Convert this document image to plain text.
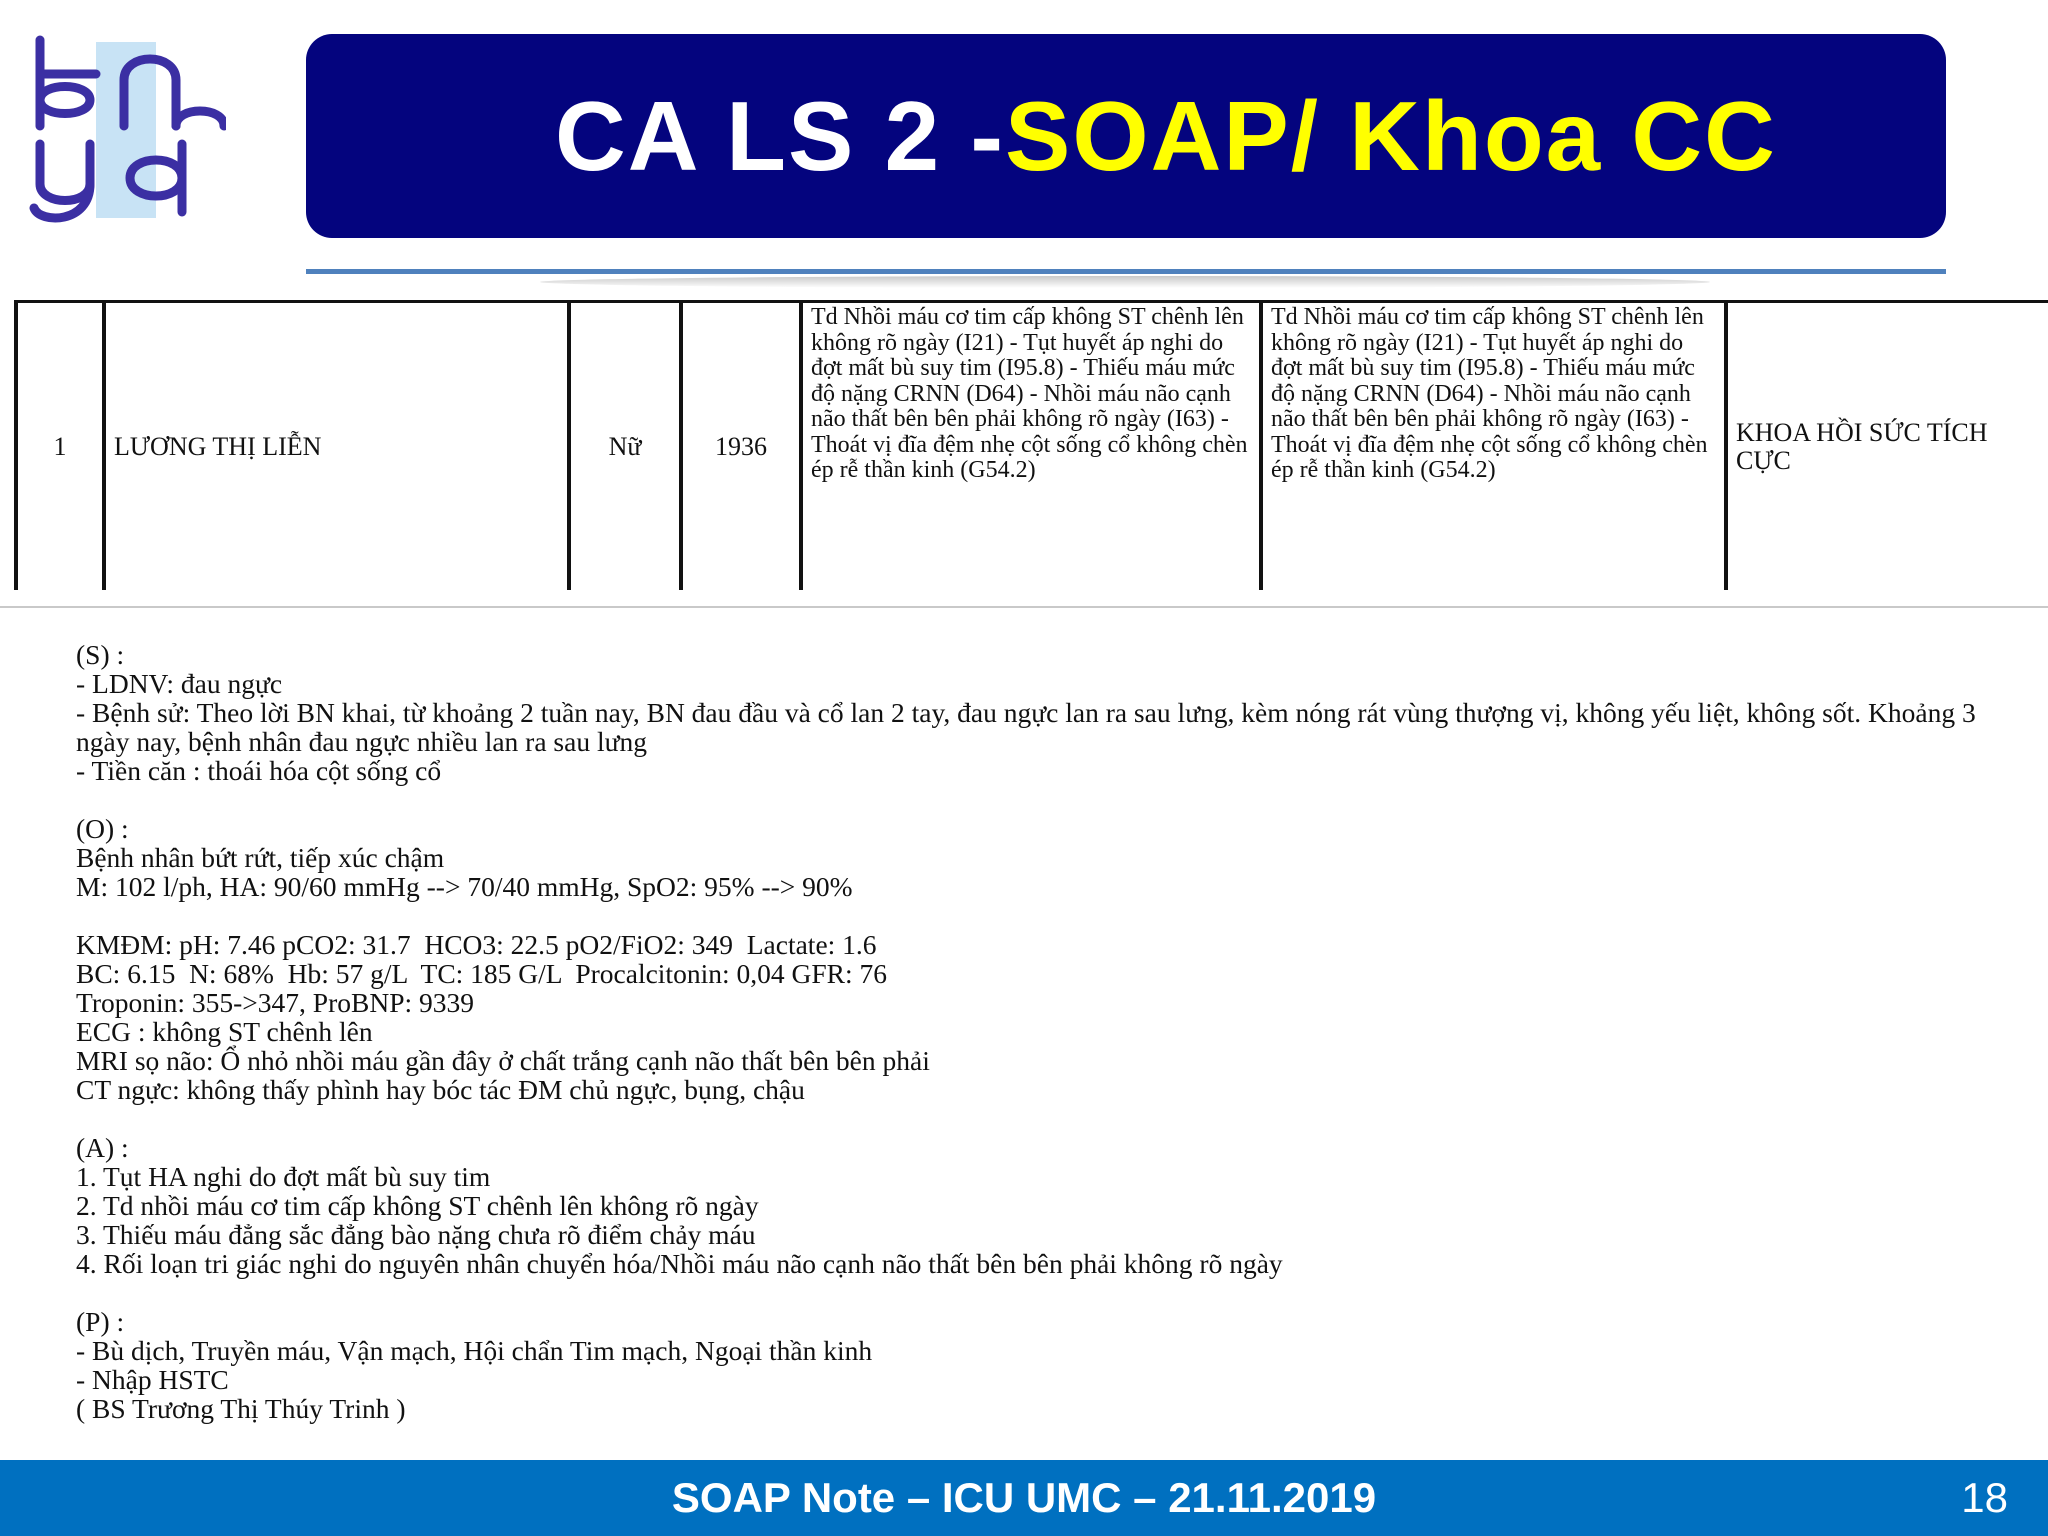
CA LS 2 - SOAP/ Khoa CC
1	LƯƠNG THỊ LIỄN	Nữ	1936	Td Nhồi máu cơ tim cấp không ST chênh lên không rõ ngày (I21) - Tụt huyết áp nghi do đợt mất bù suy tim (I95.8) - Thiếu máu mức độ nặng CRNN (D64) - Nhồi máu não cạnh não thất bên bên phải không rõ ngày (I63) - Thoát vị đĩa đệm nhẹ cột sống cổ không chèn ép rễ thần kinh (G54.2)	Td Nhồi máu cơ tim cấp không ST chênh lên không rõ ngày (I21) - Tụt huyết áp nghi do đợt mất bù suy tim (I95.8) - Thiếu máu mức độ nặng CRNN (D64) - Nhồi máu não cạnh não thất bên bên phải không rõ ngày (I63) - Thoát vị đĩa đệm nhẹ cột sống cổ không chèn ép rễ thần kinh (G54.2)	KHOA HỒI SỨC TÍCH CỰC
(S) :
- LDNV: đau ngực
- Bệnh sử: Theo lời BN khai, từ khoảng 2 tuần nay, BN đau đầu và cổ lan 2 tay, đau ngực lan ra sau lưng, kèm nóng rát vùng thượng vị, không yếu liệt, không sốt. Khoảng 3 ngày nay, bệnh nhân đau ngực nhiều lan ra sau lưng
- Tiền căn : thoái hóa cột sống cổ
(O) :
Bệnh nhân bứt rứt, tiếp xúc chậm
M: 102 l/ph, HA: 90/60 mmHg --> 70/40 mmHg, SpO2: 95% --> 90%
KMĐM: pH: 7.46 pCO2: 31.7  HCO3: 22.5 pO2/FiO2: 349  Lactate: 1.6
BC: 6.15  N: 68%  Hb: 57 g/L  TC: 185 G/L  Procalcitonin: 0,04 GFR: 76
Troponin: 355->347, ProBNP: 9339
ECG : không ST chênh lên
MRI sọ não: Ổ nhỏ nhồi máu gần đây ở chất trắng cạnh não thất bên bên phải
CT ngực: không thấy phình hay bóc tác ĐM chủ ngực, bụng, chậu
(A) :
1. Tụt HA nghi do đợt mất bù suy tim
2. Td nhồi máu cơ tim cấp không ST chênh lên không rõ ngày
3. Thiếu máu đẳng sắc đẳng bào nặng chưa rõ điểm chảy máu
4. Rối loạn tri giác nghi do nguyên nhân chuyển hóa/Nhồi máu não cạnh não thất bên bên phải không rõ ngày
(P) :
- Bù dịch, Truyền máu, Vận mạch, Hội chẩn Tim mạch, Ngoại thần kinh
- Nhập HSTC
( BS Trương Thị Thúy Trinh )
SOAP Note – ICU UMC – 21.11.2019	18
